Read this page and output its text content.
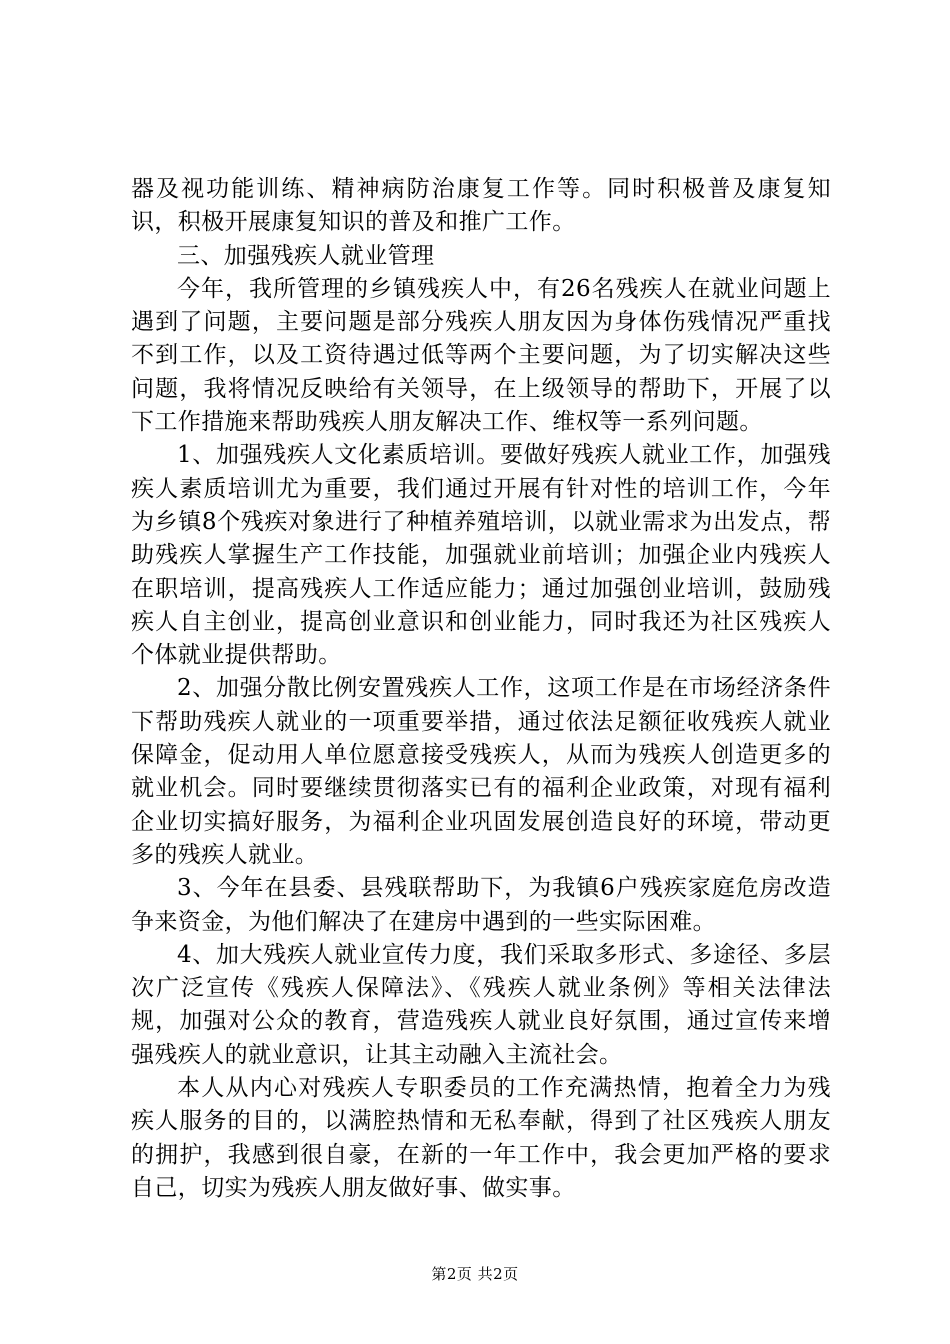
器及视功能训练、精神病防治康复工作等。同时积极普及康复知识，积极开展康复知识的普及和推广工作。

三、加强残疾人就业管理

今年，我所管理的乡镇残疾人中，有26名残疾人在就业问题上遇到了问题，主要问题是部分残疾人朋友因为身体伤残情况严重找不到工作，以及工资待遇过低等两个主要问题，为了切实解决这些问题，我将情况反映给有关领导，在上级领导的帮助下，开展了以下工作措施来帮助残疾人朋友解决工作、维权等一系列问题。

1、加强残疾人文化素质培训。要做好残疾人就业工作，加强残疾人素质培训尤为重要，我们通过开展有针对性的培训工作，今年为乡镇8个残疾对象进行了种植养殖培训，以就业需求为出发点，帮助残疾人掌握生产工作技能，加强就业前培训；加强企业内残疾人在职培训，提高残疾人工作适应能力；通过加强创业培训，鼓励残疾人自主创业，提高创业意识和创业能力，同时我还为社区残疾人个体就业提供帮助。

2、加强分散比例安置残疾人工作，这项工作是在市场经济条件下帮助残疾人就业的一项重要举措，通过依法足额征收残疾人就业保障金，促动用人单位愿意接受残疾人，从而为残疾人创造更多的就业机会。同时要继续贯彻落实已有的福利企业政策，对现有福利企业切实搞好服务，为福利企业巩固发展创造良好的环境，带动更多的残疾人就业。

3、今年在县委、县残联帮助下，为我镇6户残疾家庭危房改造争来资金，为他们解决了在建房中遇到的一些实际困难。

4、加大残疾人就业宣传力度，我们采取多形式、多途径、多层次广泛宣传《残疾人保障法》、《残疾人就业条例》等相关法律法规，加强对公众的教育，营造残疾人就业良好氛围，通过宣传来增强残疾人的就业意识，让其主动融入主流社会。

本人从内心对残疾人专职委员的工作充满热情，抱着全力为残疾人服务的目的，以满腔热情和无私奉献，得到了社区残疾人朋友的拥护，我感到很自豪，在新的一年工作中，我会更加严格的要求自己，切实为残疾人朋友做好事、做实事。

第2页 共2页
